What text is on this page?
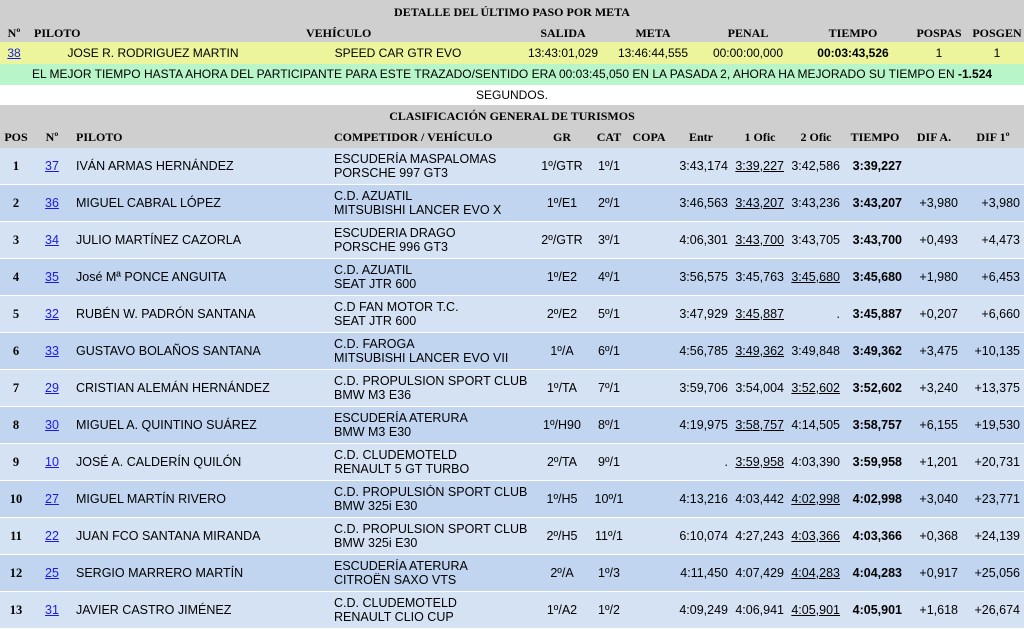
DETALLE DEL ÚLTIMO PASO POR META
Nº	PILOTO	VEHÍCULO	SALIDA	META	PENAL	TIEMPO	POSPAS	POSGEN
38	JOSE R. RODRIGUEZ MARTIN	SPEED CAR GTR EVO	13:43:01,029	13:46:44,555	00:00:00,000	00:03:43,526	1	1
EL MEJOR TIEMPO HASTA AHORA DEL PARTICIPANTE PARA ESTE TRAZADO/SENTIDO ERA 00:03:45,050 EN LA PASADA 2, AHORA HA MEJORADO SU TIEMPO EN -1.524 SEGUNDOS.
CLASIFICACIÓN GENERAL DE TURISMOS
POS	Nº	PILOTO	COMPETIDOR / VEHÍCULO	GR	CAT	COPA	Entr	1 Ofic	2 Ofic	TIEMPO	DIF A.	DIF 1º
1	37	IVÁN ARMAS HERNÁNDEZ	ESCUDERÍA MASPALOMAS
PORSCHE 997 GT3	1º/GTR	1º/1		3:43,174	3:39,227	3:42,586	3:39,227		
2	36	MIGUEL CABRAL LÓPEZ	C.D. AZUATIL
MITSUBISHI LANCER EVO X	1º/E1	2º/1		3:46,563	3:43,207	3:43,236	3:43,207	+3,980	+3,980
3	34	JULIO MARTÍNEZ CAZORLA	ESCUDERIA DRAGO
PORSCHE 996 GT3	2º/GTR	3º/1		4:06,301	3:43,700	3:43,705	3:43,700	+0,493	+4,473
4	35	José Mª PONCE ANGUITA	C.D. AZUATIL
SEAT JTR 600	1º/E2	4º/1		3:56,575	3:45,763	3:45,680	3:45,680	+1,980	+6,453
5	32	RUBÉN W. PADRÓN SANTANA	C.D FAN MOTOR T.C.
SEAT JTR 600	2º/E2	5º/1		3:47,929	3:45,887	.	3:45,887	+0,207	+6,660
6	33	GUSTAVO BOLAÑOS SANTANA	C.D. FAROGA
MITSUBISHI LANCER EVO VII	1º/A	6º/1		4:56,785	3:49,362	3:49,848	3:49,362	+3,475	+10,135
7	29	CRISTIAN ALEMÁN HERNÁNDEZ	C.D. PROPULSION SPORT CLUB
BMW M3 E36	1º/TA	7º/1		3:59,706	3:54,004	3:52,602	3:52,602	+3,240	+13,375
8	30	MIGUEL A. QUINTINO SUÁREZ	ESCUDERÍA ATERURA
BMW M3 E30	1º/H90	8º/1		4:19,975	3:58,757	4:14,505	3:58,757	+6,155	+19,530
9	10	JOSÉ A. CALDERÍN QUILÓN	C.D. CLUDEMOTELD
RENAULT 5 GT TURBO	2º/TA	9º/1		.	3:59,958	4:03,390	3:59,958	+1,201	+20,731
10	27	MIGUEL MARTÍN RIVERO	C.D. PROPULSIÓN SPORT CLUB
BMW 325i E30	1º/H5	10º/1		4:13,216	4:03,442	4:02,998	4:02,998	+3,040	+23,771
11	22	JUAN FCO SANTANA MIRANDA	C.D. PROPULSION SPORT CLUB
BMW 325i E30	2º/H5	11º/1		6:10,074	4:27,243	4:03,366	4:03,366	+0,368	+24,139
12	25	SERGIO MARRERO MARTÍN	ESCUDERÍA ATERURA
CITROËN SAXO VTS	2º/A	1º/3		4:11,450	4:07,429	4:04,283	4:04,283	+0,917	+25,056
13	31	JAVIER CASTRO JIMÉNEZ	C.D. CLUDEMOTELD
RENAULT CLIO CUP	1º/A2	1º/2		4:09,249	4:06,941	4:05,901	4:05,901	+1,618	+26,674
